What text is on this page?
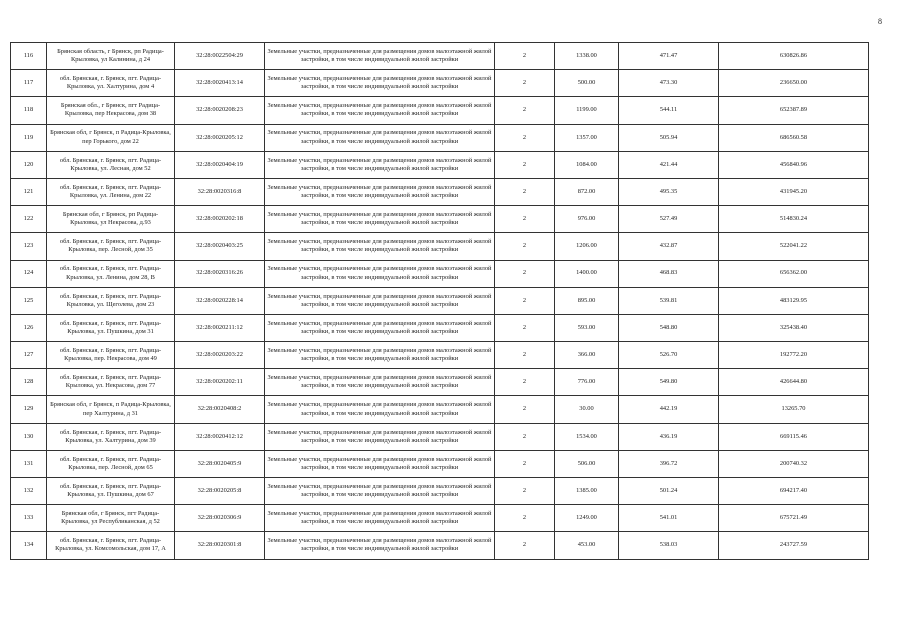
8
116	Брянская область, г Брянск, рп Радица-Крыловка, ул Калинина, д 24	32:28:0022504:29	Земельные участки, предназначенные для размещения домов малоэтажной жилой застройки, в том числе индивидуальной жилой застройки	2	1338.00	471.47	630826.86
117	обл. Брянская, г. Брянск, пгт. Радица-Крыловка, ул. Халтурина, дом 4	32:28:0020413:14	Земельные участки, предназначенные для размещения домов малоэтажной жилой застройки, в том числе индивидуальной жилой застройки	2	500.00	473.30	236650.00
118	Брянская обл., г Брянск, пгт Радица-Крыловка, пер Некрасова, дом 38	32:28:0020208:23	Земельные участки, предназначенные для размещения домов малоэтажной жилой застройки, в том числе индивидуальной жилой застройки	2	1199.00	544.11	652387.89
119	Брянская обл, г Брянск, п Радица-Крыловка, пер Горького, дом 22	32:28:0020205:12	Земельные участки, предназначенные для размещения домов малоэтажной жилой застройки, в том числе индивидуальной жилой застройки	2	1357.00	505.94	686560.58
120	обл. Брянская, г. Брянск, пгт. Радица-Крыловка, ул. Лесная, дом 52	32:28:0020404:19	Земельные участки, предназначенные для размещения домов малоэтажной жилой застройки, в том числе индивидуальной жилой застройки	2	1084.00	421.44	456840.96
121	обл. Брянская, г. Брянск, пгт. Радица-Крыловка, ул. Ленина, дом 22	32:28:0020316:8	Земельные участки, предназначенные для размещения домов малоэтажной жилой застройки, в том числе индивидуальной жилой застройки	2	872.00	495.35	431945.20
122	Брянская обл, г Брянск, рп Радица-Крыловка, ул Некрасова, д.93	32:28:0020202:18	Земельные участки, предназначенные для размещения домов малоэтажной жилой застройки, в том числе индивидуальной жилой застройки	2	976.00	527.49	514830.24
123	обл. Брянская, г. Брянск, пгт. Радица-Крыловка, пер. Лесной, дом 35	32:28:0020403:25	Земельные участки, предназначенные для размещения домов малоэтажной жилой застройки, в том числе индивидуальной жилой застройки	2	1206.00	432.87	522041.22
124	обл. Брянская, г. Брянск, пгт. Радица-Крыловка, ул. Ленина, дом 28, В	32:28:0020316:26	Земельные участки, предназначенные для размещения домов малоэтажной жилой застройки, в том числе индивидуальной жилой застройки	2	1400.00	468.83	656362.00
125	обл. Брянская, г. Брянск, пгт. Радица-Крыловка, ул. Щеголева, дом 23	32:28:0020228:14	Земельные участки, предназначенные для размещения домов малоэтажной жилой застройки, в том числе индивидуальной жилой застройки	2	895.00	539.81	483129.95
126	обл. Брянская, г. Брянск, пгт. Радица-Крыловка, ул. Пушкина, дом 31	32:28:0020211:12	Земельные участки, предназначенные для размещения домов малоэтажной жилой застройки, в том числе индивидуальной жилой застройки	2	593.00	548.80	325438.40
127	обл. Брянская, г. Брянск, пгт. Радица-Крыловка, пер. Некрасова, дом 49	32:28:0020203:22	Земельные участки, предназначенные для размещения домов малоэтажной жилой застройки, в том числе индивидуальной жилой застройки	2	366.00	526.70	192772.20
128	обл. Брянская, г. Брянск, пгт. Радица-Крыловка, ул. Некрасова, дом 77	32:28:0020202:11	Земельные участки, предназначенные для размещения домов малоэтажной жилой застройки, в том числе индивидуальной жилой застройки	2	776.00	549.80	426644.80
129	Брянская обл, г Брянск, п Радица-Крыловка, пер Халтурина, д 31	32:28:0020408:2	Земельные участки, предназначенные для размещения домов малоэтажной жилой застройки, в том числе индивидуальной жилой застройки	2	30.00	442.19	13265.70
130	обл. Брянская, г. Брянск, пгт. Радица-Крыловка, ул. Халтурина, дом 39	32:28:0020412:12	Земельные участки, предназначенные для размещения домов малоэтажной жилой застройки, в том числе индивидуальной жилой застройки	2	1534.00	436.19	669115.46
131	обл. Брянская, г. Брянск, пгт. Радица-Крыловка, пер. Лесной, дом 65	32:28:0020405:9	Земельные участки, предназначенные для размещения домов малоэтажной жилой застройки, в том числе индивидуальной жилой застройки	2	506.00	396.72	200740.32
132	обл. Брянская, г. Брянск, пгт. Радица-Крыловка, ул. Пушкина, дом 67	32:28:0020205:8	Земельные участки, предназначенные для размещения домов малоэтажной жилой застройки, в том числе индивидуальной жилой застройки	2	1385.00	501.24	694217.40
133	Брянская обл, г Брянск, пгт Радица-Крыловка, ул Республиканская, д 52	32:28:0020306:9	Земельные участки, предназначенные для размещения домов малоэтажной жилой застройки, в том числе индивидуальной жилой застройки	2	1249.00	541.01	675721.49
134	обл. Брянская, г. Брянск, пгт. Радица-Крыловка, ул. Комсомольская, дом 17, А	32:28:0020301:8	Земельные участки, предназначенные для размещения домов малоэтажной жилой застройки, в том числе индивидуальной жилой застройки	2	453.00	538.03	243727.59
